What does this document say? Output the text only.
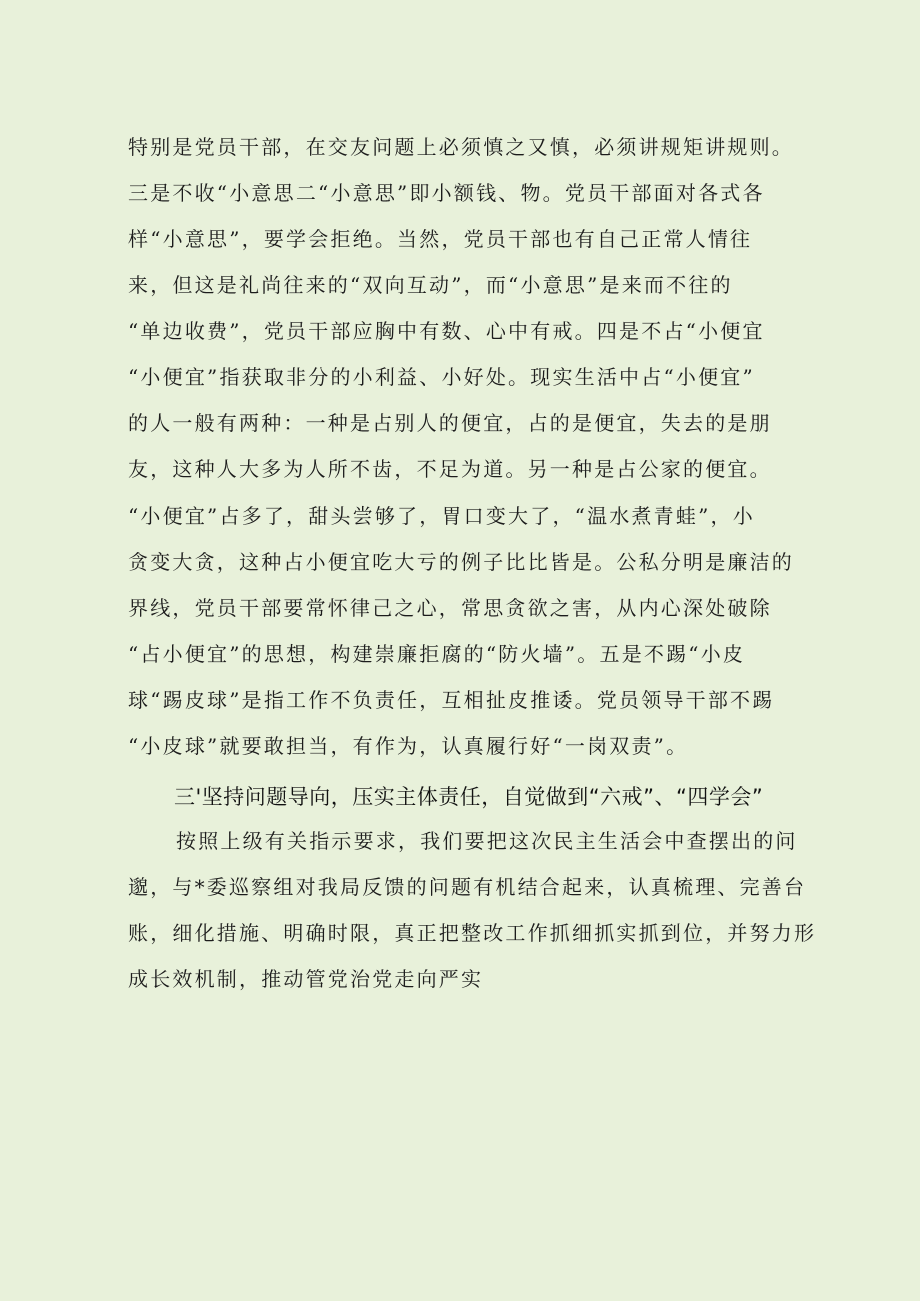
特别是党员干部，在交友问题上必须慎之又慎，必须讲规矩讲规则。
三是不收“小意思二“小意思”即小额钱、物。党员干部面对各式各
样“小意思”，要学会拒绝。当然，党员干部也有自己正常人情往
来，但这是礼尚往来的“双向互动”，而“小意思”是来而不往的
“单边收费”，党员干部应胸中有数、心中有戒。四是不占“小便宜
“小便宜”指获取非分的小利益、小好处。现实生活中占“小便宜”
的人一般有两种：一种是占别人的便宜，占的是便宜，失去的是朋
友，这种人大多为人所不齿，不足为道。另一种是占公家的便宜。
“小便宜”占多了，甜头尝够了，胃口变大了，“温水煮青蛙”，小
贪变大贪，这种占小便宜吃大亏的例子比比皆是。公私分明是廉洁的
界线，党员干部要常怀律己之心，常思贪欲之害，从内心深处破除
“占小便宜”的思想，构建崇廉拒腐的“防火墙”。五是不踢“小皮
球“踢皮球”是指工作不负责任，互相扯皮推诿。党员领导干部不踢
“小皮球”就要敢担当，有作为，认真履行好“一岗双责”。
三'坚持问题导向，压实主体责任，自觉做到“六戒”、“四学会”
按照上级有关指示要求，我们要把这次民主生活会中查摆出的问
邈，与*委巡察组对我局反馈的问题有机结合起来，认真梳理、完善台
账，细化措施、明确时限，真正把整改工作抓细抓实抓到位，并努力形
成长效机制，推动管党治党走向严实
